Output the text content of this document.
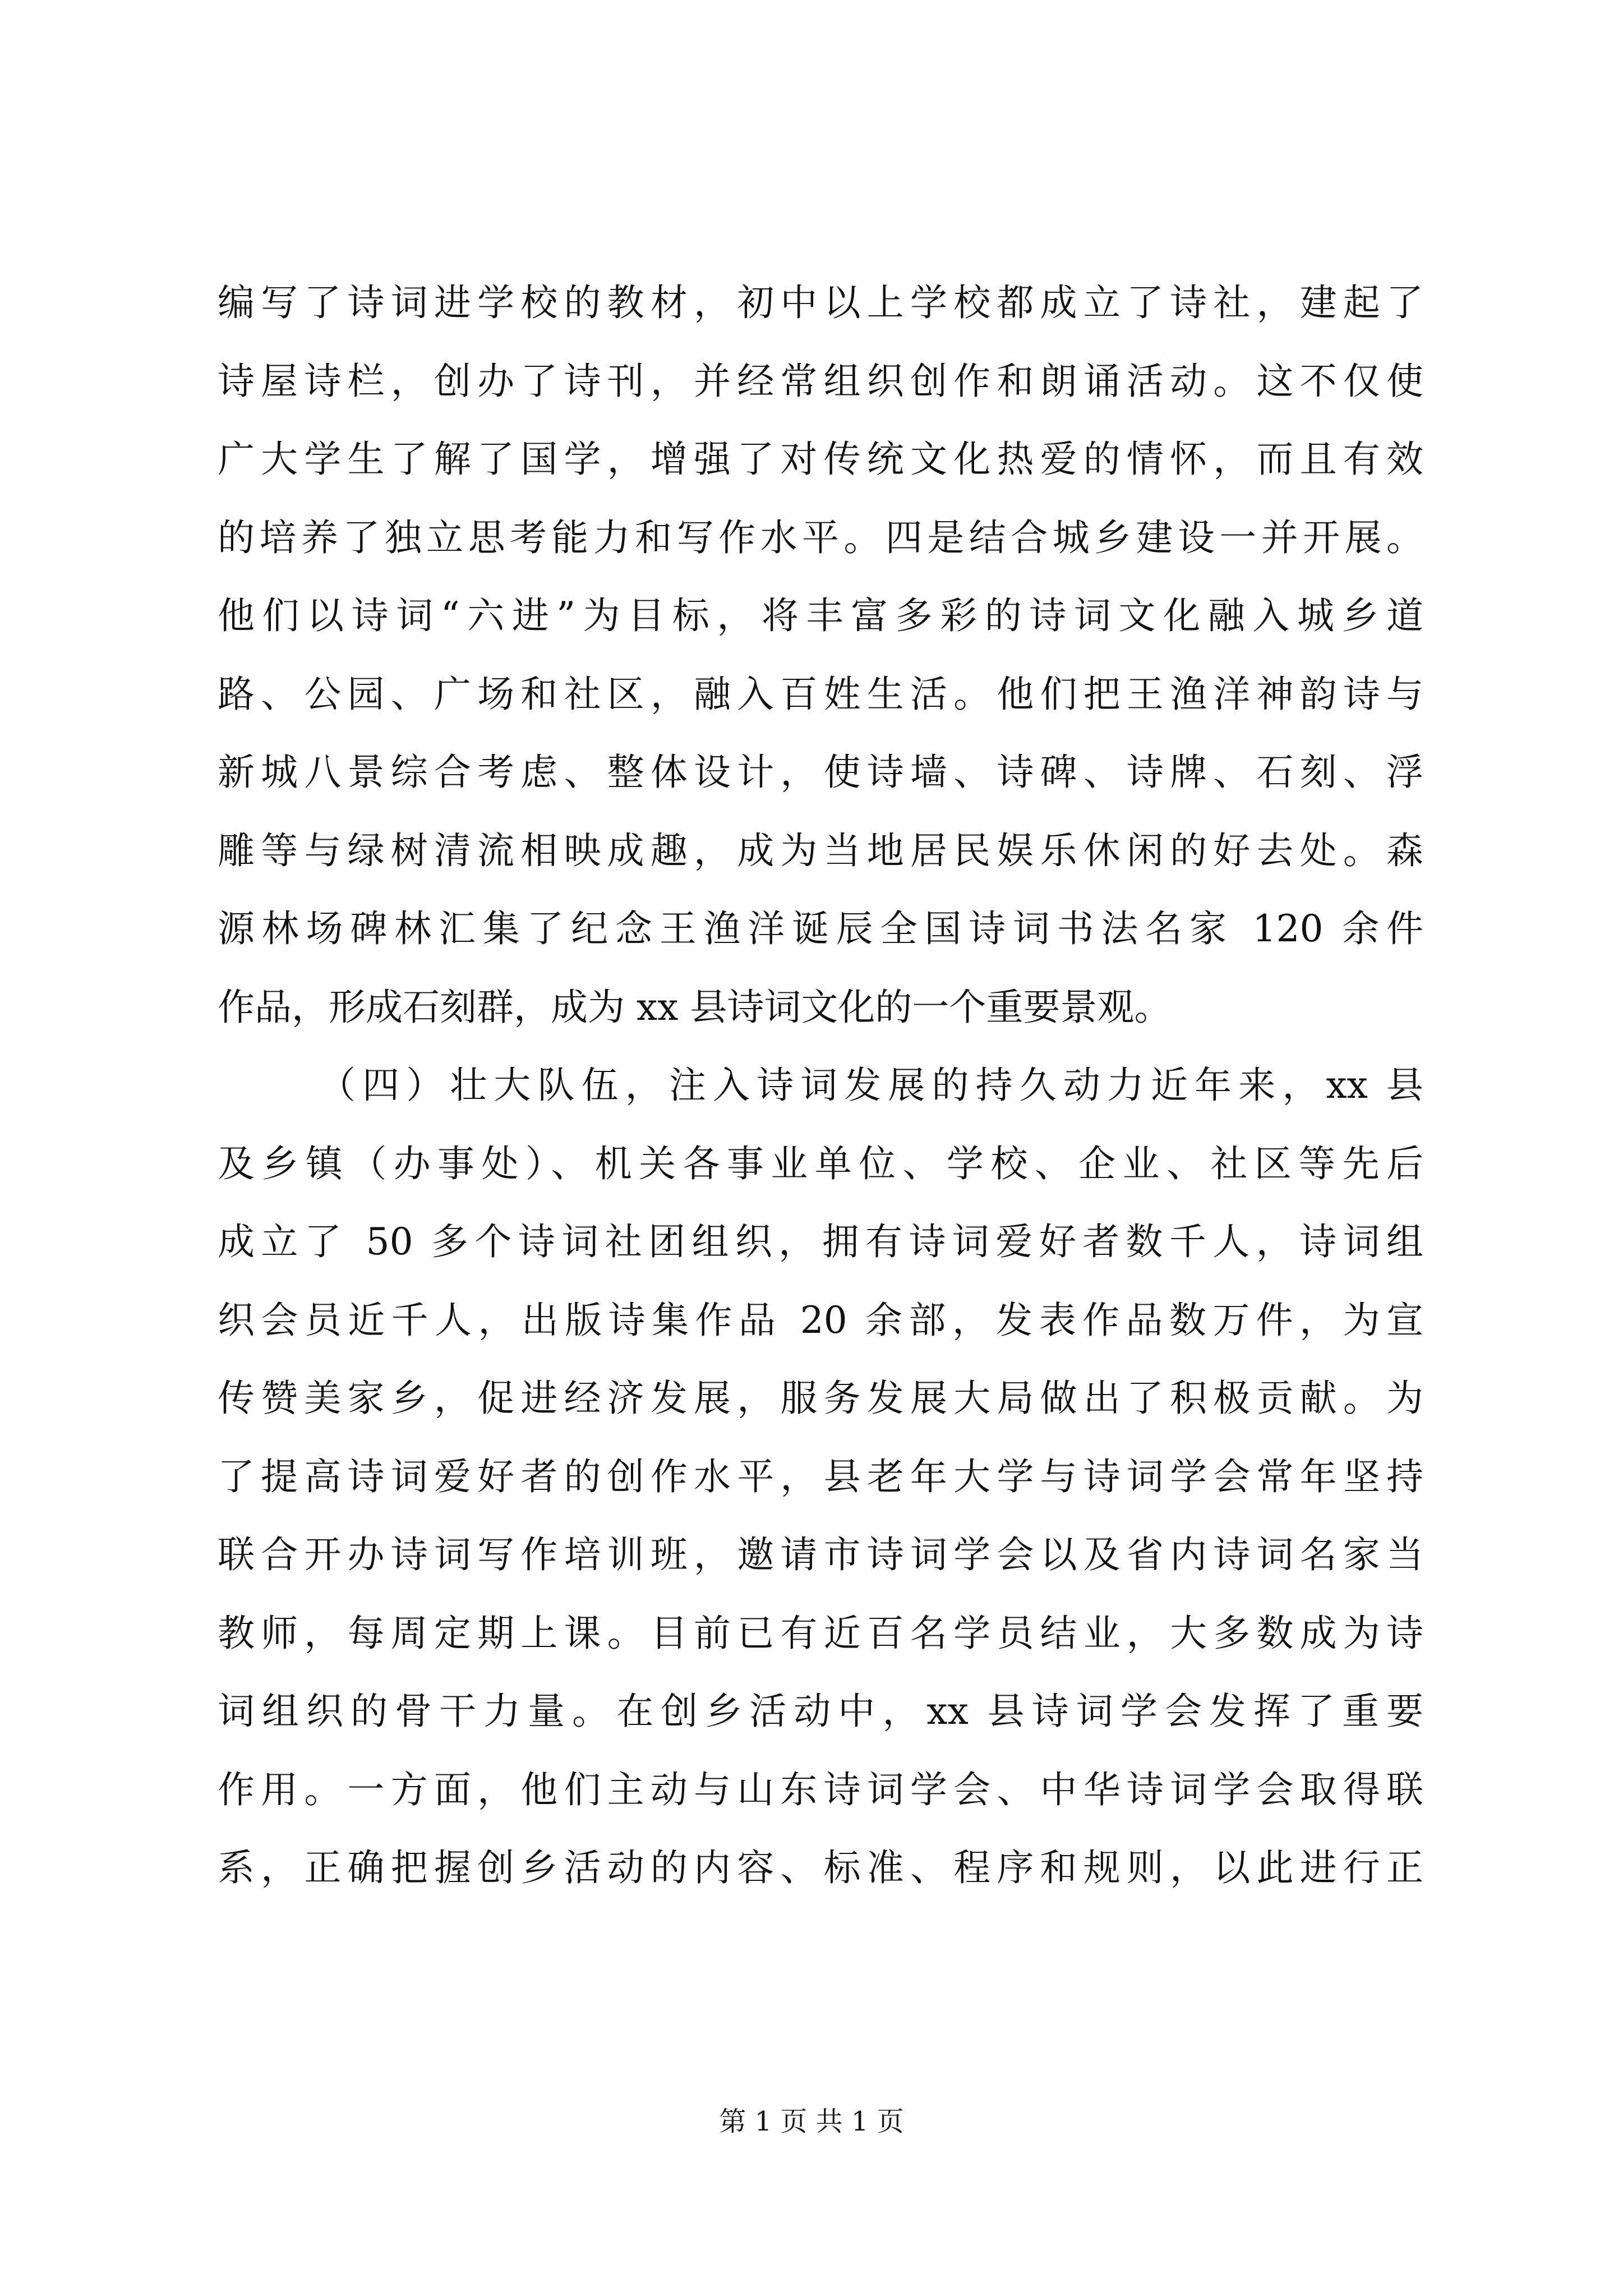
编写了诗词进学校的教材，初中以上学校都成立了诗社，建起了
诗屋诗栏，创办了诗刊，并经常组织创作和朗诵活动。这不仅使
广大学生了解了国学，增强了对传统文化热爱的情怀，而且有效
的培养了独立思考能力和写作水平。四是结合城乡建设一并开展。
他们以诗词“六进”为目标，将丰富多彩的诗词文化融入城乡道
路、公园、广场和社区，融入百姓生活。他们把王渔洋神韵诗与
新城八景综合考虑、整体设计，使诗墙、诗碑、诗牌、石刻、浮
雕等与绿树清流相映成趣，成为当地居民娱乐休闲的好去处。森
源林场碑林汇集了纪念王渔洋诞辰全国诗词书法名家 120 余件
作品，形成石刻群，成为 xx 县诗词文化的一个重要景观。
（四）壮大队伍，注入诗词发展的持久动力近年来，xx 县
及乡镇（办事处）、机关各事业单位、学校、企业、社区等先后
成立了 50 多个诗词社团组织，拥有诗词爱好者数千人，诗词组
织会员近千人，出版诗集作品 20 余部，发表作品数万件，为宣
传赞美家乡，促进经济发展，服务发展大局做出了积极贡献。为
了提高诗词爱好者的创作水平，县老年大学与诗词学会常年坚持
联合开办诗词写作培训班，邀请市诗词学会以及省内诗词名家当
教师，每周定期上课。目前已有近百名学员结业，大多数成为诗
词组织的骨干力量。在创乡活动中，xx 县诗词学会发挥了重要
作用。一方面，他们主动与山东诗词学会、中华诗词学会取得联
系，正确把握创乡活动的内容、标准、程序和规则，以此进行正
第 1 页 共 1 页
